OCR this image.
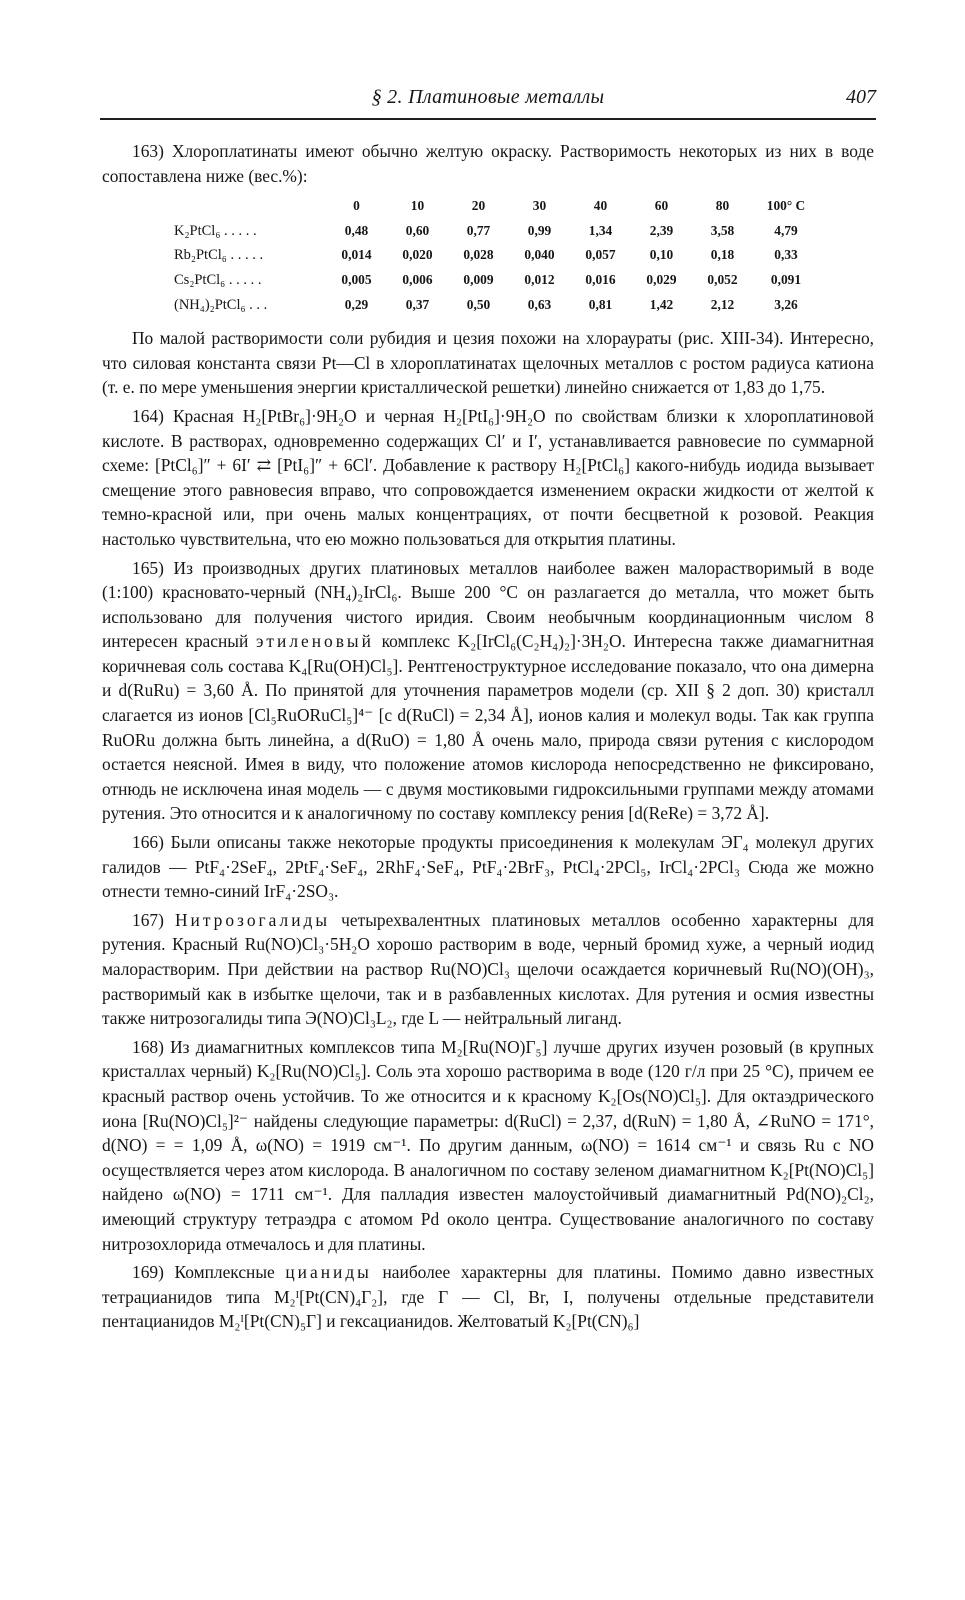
§ 2. Платиновые металлы	407

163) Хлороплатинаты имеют обычно желтую окраску. Растворимость некоторых из них в воде сопоставлена ниже (вес.%):

	0	10	20	30	40	60	80	100° C
K₂PtCl₆ . . . . .	0,48	0,60	0,77	0,99	1,34	2,39	3,58	4,79
Rb₂PtCl₆ . . . . .	0,014	0,020	0,028	0,040	0,057	0,10	0,18	0,33
Cs₂PtCl₆ . . . . .	0,005	0,006	0,009	0,012	0,016	0,029	0,052	0,091
(NH₄)₂PtCl₆ . . .	0,29	0,37	0,50	0,63	0,81	1,42	2,12	3,26

По малой растворимости соли рубидия и цезия похожи на хлораураты (рис. XIII-34). Интересно, что силовая константа связи Pt—Cl в хлороплатинатах щелочных металлов с ростом радиуса катиона (т. е. по мере уменьшения энергии кристаллической решетки) линейно снижается от 1,83 до 1,75.

164) Красная H₂[PtBr₆]·9H₂O и черная H₂[PtI₆]·9H₂O по свойствам близки к хлороплатиновой кислоте. В растворах, одновременно содержащих Cl′ и I′, устанавливается равновесие по суммарной схеме: [PtCl₆]″ + 6I′ ⇄ [PtI₆]″ + 6Cl′. Добавление к раствору H₂[PtCl₆] какого-нибудь иодида вызывает смещение этого равновесия вправо, что сопровождается изменением окраски жидкости от желтой к темно-красной или, при очень малых концентрациях, от почти бесцветной к розовой. Реакция настолько чувствительна, что ею можно пользоваться для открытия платины.

165) Из производных других платиновых металлов наиболее важен малорастворимый в воде (1:100) красновато-черный (NH₄)₂IrCl₆. Выше 200 °C он разлагается до металла, что может быть использовано для получения чистого иридия. Своим необычным координационным числом 8 интересен красный этиленовый комплекс K₂[IrCl₆(C₂H₄)₂]·3H₂O. Интересна также диамагнитная коричневая соль состава K₄[Ru(OH)Cl₅]. Рентгеноструктурное исследование показало, что она димерна и d(RuRu) = 3,60 Å. По принятой для уточнения параметров модели (ср. XII § 2 доп. 30) кристалл слагается из ионов [Cl₅RuORuCl₅]⁴⁻ [с d(RuCl) = 2,34 Å], ионов калия и молекул воды. Так как группа RuORu должна быть линейна, а d(RuO) = 1,80 Å очень мало, природа связи рутения с кислородом остается неясной. Имея в виду, что положение атомов кислорода непосредственно не фиксировано, отнюдь не исключена иная модель — с двумя мостиковыми гидроксильными группами между атомами рутения. Это относится и к аналогичному по составу комплексу рения [d(ReRe) = 3,72 Å].

166) Были описаны также некоторые продукты присоединения к молекулам ЭГ₄ молекул других галидов — PtF₄·2SeF₄, 2PtF₄·SeF₄, 2RhF₄·SeF₄, PtF₄·2BrF₃, PtCl₄·2PCl₅, IrCl₄·2PCl₃ Сюда же можно отнести темно-синий IrF₄·2SO₃.

167) Нитрозогалиды четырехвалентных платиновых металлов особенно характерны для рутения. Красный Ru(NO)Cl₃·5H₂O хорошо растворим в воде, черный бромид хуже, а черный иодид малорастворим. При действии на раствор Ru(NO)Cl₃ щелочи осаждается коричневый Ru(NO)(OH)₃, растворимый как в избытке щелочи, так и в разбавленных кислотах. Для рутения и осмия известны также нитрозогалиды типа Э(NO)Cl₃L₂, где L — нейтральный лиганд.

168) Из диамагнитных комплексов типа M₂[Ru(NO)Г₅] лучше других изучен розовый (в крупных кристаллах черный) K₂[Ru(NO)Cl₅]. Соль эта хорошо растворима в воде (120 г/л при 25 °C), причем ее красный раствор очень устойчив. То же относится и к красному K₂[Os(NO)Cl₅]. Для октаэдрического иона [Ru(NO)Cl₅]²⁻ найдены следующие параметры: d(RuCl) = 2,37, d(RuN) = 1,80 Å, ∠RuNO = 171°, d(NO) = = 1,09 Å, ω(NO) = 1919 см⁻¹. По другим данным, ω(NO) = 1614 см⁻¹ и связь Ru с NO осуществляется через атом кислорода. В аналогичном по составу зеленом диамагнитном K₂[Pt(NO)Cl₅] найдено ω(NO) = 1711 см⁻¹. Для палладия известен малоустойчивый диамагнитный Pd(NO)₂Cl₂, имеющий структуру тетраэдра с атомом Pd около центра. Существование аналогичного по составу нитрозохлорида отмечалось и для платины.

169) Комплексные цианиды наиболее характерны для платины. Помимо давно известных тетрацианидов типа M₂ᴵ[Pt(CN)₄Г₂], где Г — Cl, Br, I, получены отдельные представители пентацианидов M₂ᴵ[Pt(CN)₅Г] и гексацианидов. Желтоватый K₂[Pt(CN)₆]
